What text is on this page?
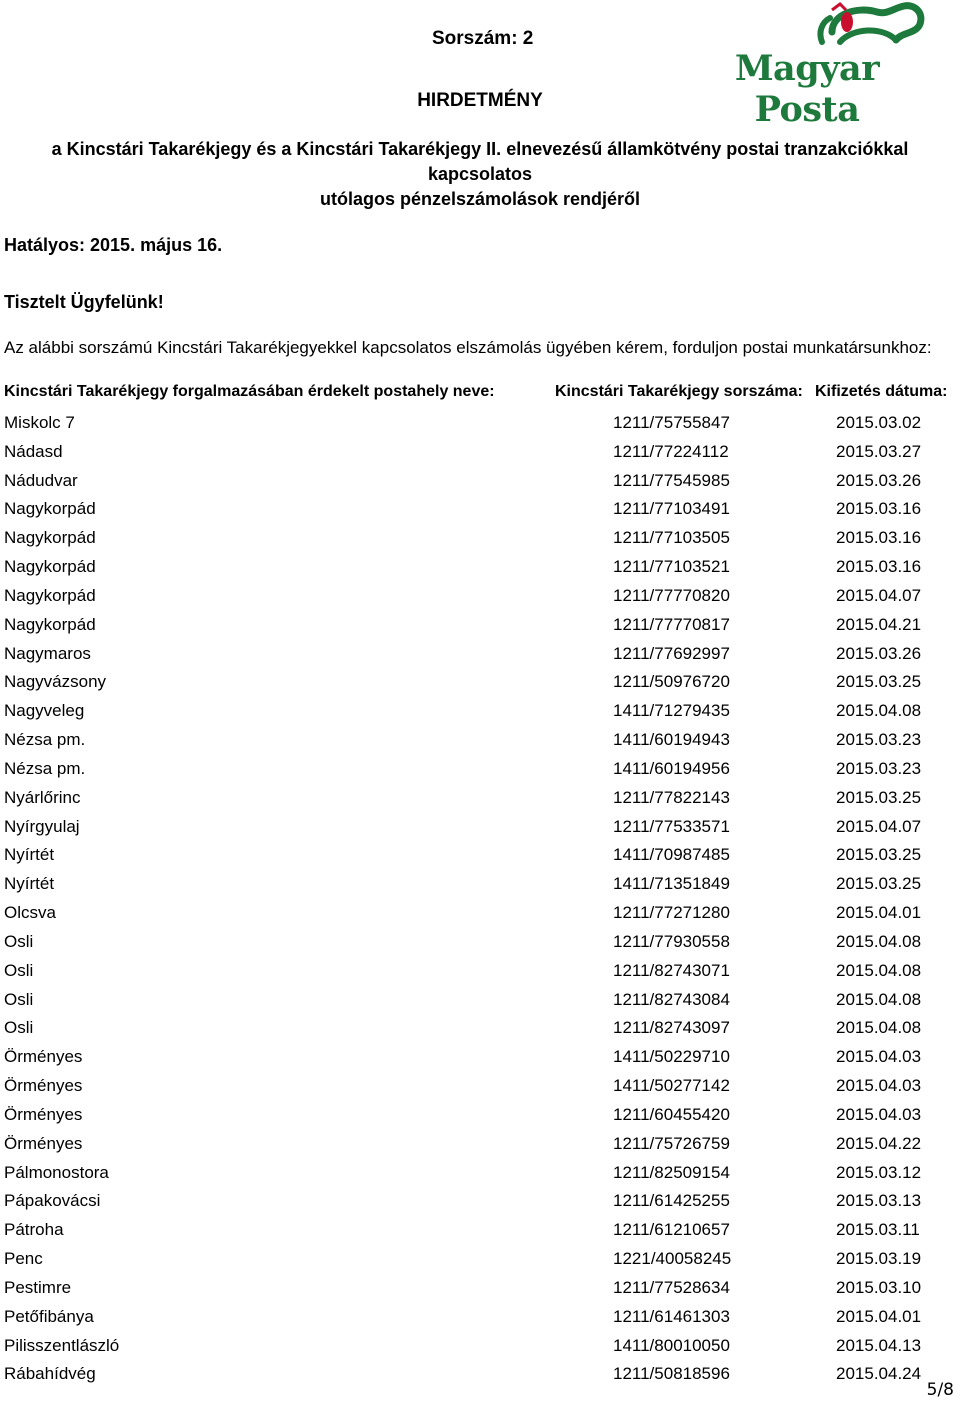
Sorszám: 2
Magyar Posta
HIRDETMÉNY
a Kincstári Takarékjegy és a Kincstári Takarékjegy II. elnevezésű államkötvény postai tranzakciókkal kapcsolatos
utólagos pénzelszámolások rendjéről
Hatályos: 2015. május 16.
Tisztelt Ügyfelünk!
Az alábbi sorszámú Kincstári Takarékjegyekkel kapcsolatos elszámolás ügyében kérem, forduljon postai munkatársunkhoz:
Kincstári Takarékjegy forgalmazásában érdekelt postahely neve:	Kincstári Takarékjegy sorszáma: Kifizetés dátuma:
Miskolc 7	1211/75755847	2015.03.02
Nádasd	1211/77224112	2015.03.27
Nádudvar	1211/77545985	2015.03.26
Nagykorpád	1211/77103491	2015.03.16
Nagykorpád	1211/77103505	2015.03.16
Nagykorpád	1211/77103521	2015.03.16
Nagykorpád	1211/77770820	2015.04.07
Nagykorpád	1211/77770817	2015.04.21
Nagymaros	1211/77692997	2015.03.26
Nagyvázsony	1211/50976720	2015.03.25
Nagyveleg	1411/71279435	2015.04.08
Nézsa pm.	1411/60194943	2015.03.23
Nézsa pm.	1411/60194956	2015.03.23
Nyárlőrinc	1211/77822143	2015.03.25
Nyírgyulaj	1211/77533571	2015.04.07
Nyírtét	1411/70987485	2015.03.25
Nyírtét	1411/71351849	2015.03.25
Olcsva	1211/77271280	2015.04.01
Osli	1211/77930558	2015.04.08
Osli	1211/82743071	2015.04.08
Osli	1211/82743084	2015.04.08
Osli	1211/82743097	2015.04.08
Örményes	1411/50229710	2015.04.03
Örményes	1411/50277142	2015.04.03
Örményes	1211/60455420	2015.04.03
Örményes	1211/75726759	2015.04.22
Pálmonostora	1211/82509154	2015.03.12
Pápakovácsi	1211/61425255	2015.03.13
Pátroha	1211/61210657	2015.03.11
Penc	1221/40058245	2015.03.19
Pestimre	1211/77528634	2015.03.10
Petőfibánya	1211/61461303	2015.04.01
Pilisszentlászló	1411/80010050	2015.04.13
Rábahídvég	1211/50818596	2015.04.24
5/8
